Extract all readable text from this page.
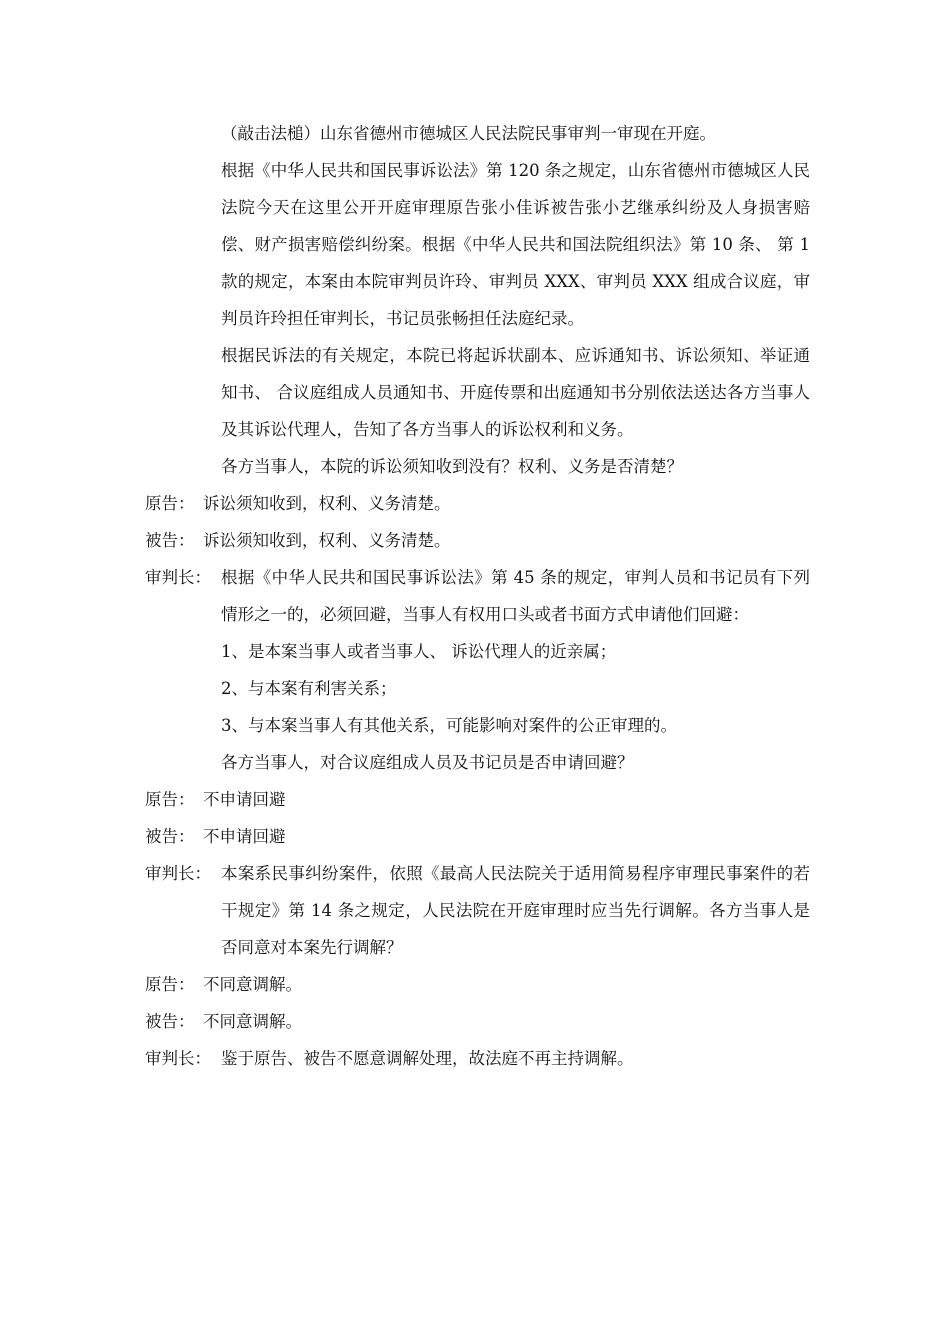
（敲击法槌）山东省德州市德城区人民法院民事审判一审现在开庭。
根据《中华人民共和国民事诉讼法》第 120 条之规定，山东省德州市德城区人民法院今天在这里公开开庭审理原告张小佳诉被告张小艺继承纠纷及人身损害赔偿、财产损害赔偿纠纷案。根据《中华人民共和国法院组织法》第 10 条、 第 1 款的规定，本案由本院审判员许玲、审判员 XXX、审判员 XXX 组成合议庭，审判员许玲担任审判长，书记员张畅担任法庭纪录。
根据民诉法的有关规定，本院已将起诉状副本、应诉通知书、诉讼须知、举证通知书、 合议庭组成人员通知书、开庭传票和出庭通知书分别依法送达各方当事人及其诉讼代理人，告知了各方当事人的诉讼权利和义务。
各方当事人，本院的诉讼须知收到没有？权利、义务是否清楚？
原告： 诉讼须知收到，权利、义务清楚。
被告： 诉讼须知收到，权利、义务清楚。
审判长： 根据《中华人民共和国民事诉讼法》第 45 条的规定，审判人员和书记员有下列情形之一的，必须回避，当事人有权用口头或者书面方式申请他们回避：
1、是本案当事人或者当事人、 诉讼代理人的近亲属；
2、与本案有利害关系；
3、与本案当事人有其他关系，可能影响对案件的公正审理的。
各方当事人，对合议庭组成人员及书记员是否申请回避？
原告： 不申请回避
被告： 不申请回避
审判长： 本案系民事纠纷案件，依照《最高人民法院关于适用简易程序审理民事案件的若干规定》第 14 条之规定，人民法院在开庭审理时应当先行调解。各方当事人是否同意对本案先行调解？
原告： 不同意调解。
被告： 不同意调解。
审判长： 鉴于原告、被告不愿意调解处理，故法庭不再主持调解。
